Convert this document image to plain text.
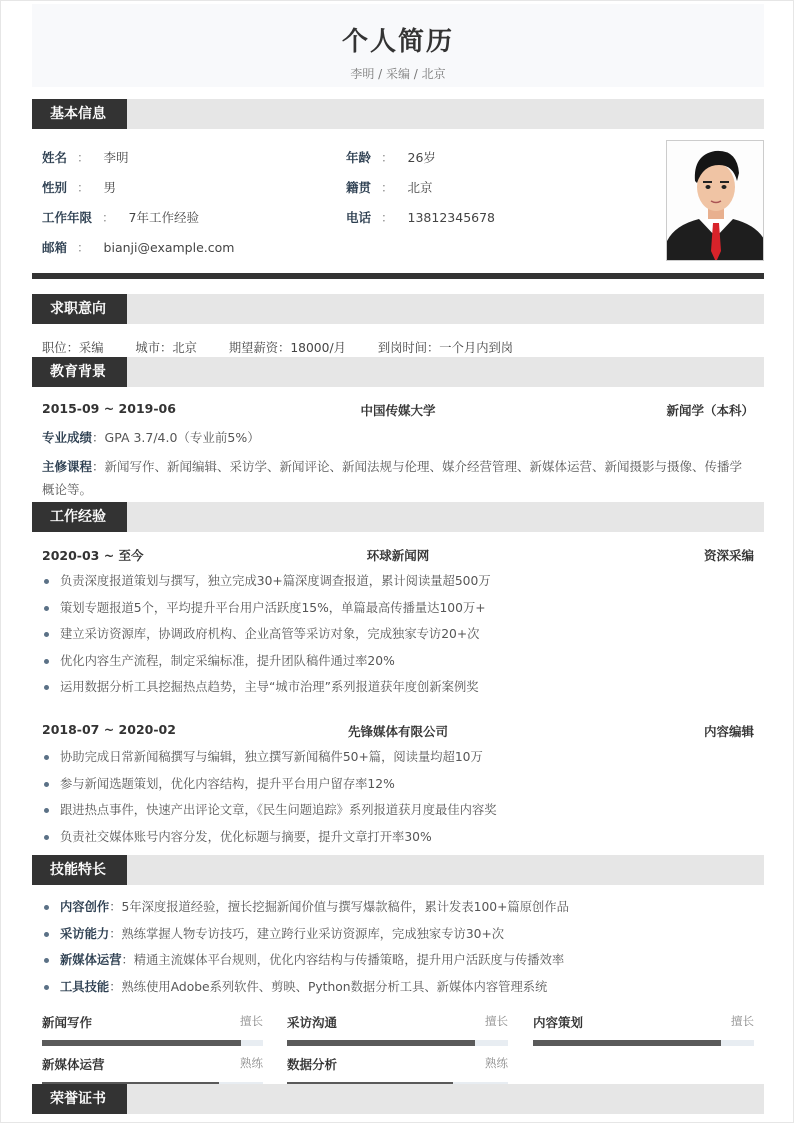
个人简历
李明 / 采编 / 北京
基本信息
姓名 ： 李明
性别 ： 男
工作年限 ： 7年工作经验
邮箱 ： bianji@example.com
年龄 ： 26岁
籍贯 ： 北京
电话 ： 13812345678
求职意向
职位：采编	城市：北京	期望薪资：18000/月	到岗时间：一个月内到岗
教育背景
2015-09 ~ 2019-06	中国传媒大学	新闻学（本科）
专业成绩：GPA 3.7/4.0（专业前5%）
主修课程：新闻写作、新闻编辑、采访学、新闻评论、新闻法规与伦理、媒介经营管理、新媒体运营、新闻摄影与摄像、传播学概论等。
工作经验
2020-03 ~ 至今	环球新闻网	资深采编
负责深度报道策划与撰写，独立完成30+篇深度调查报道，累计阅读量超500万
策划专题报道5个，平均提升平台用户活跃度15%，单篇最高传播量达100万+
建立采访资源库，协调政府机构、企业高管等采访对象，完成独家专访20+次
优化内容生产流程，制定采编标准，提升团队稿件通过率20%
运用数据分析工具挖掘热点趋势，主导“城市治理”系列报道获年度创新案例奖
2018-07 ~ 2020-02	先锋媒体有限公司	内容编辑
协助完成日常新闻稿撰写与编辑，独立撰写新闻稿件50+篇，阅读量均超10万
参与新闻选题策划，优化内容结构，提升平台用户留存率12%
跟进热点事件，快速产出评论文章，《民生问题追踪》系列报道获月度最佳内容奖
负责社交媒体账号内容分发，优化标题与摘要，提升文章打开率30%
技能特长
内容创作：5年深度报道经验，擅长挖掘新闻价值与撰写爆款稿件，累计发表100+篇原创作品
采访能力：熟练掌握人物专访技巧，建立跨行业采访资源库，完成独家专访30+次
新媒体运营：精通主流媒体平台规则，优化内容结构与传播策略，提升用户活跃度与传播效率
工具技能：熟练使用Adobe系列软件、剪映、Python数据分析工具、新媒体内容管理系统
新闻写作	擅长 采访沟通	擅长 内容策划	擅长
新媒体运营	熟练 数据分析	熟练
荣誉证书
